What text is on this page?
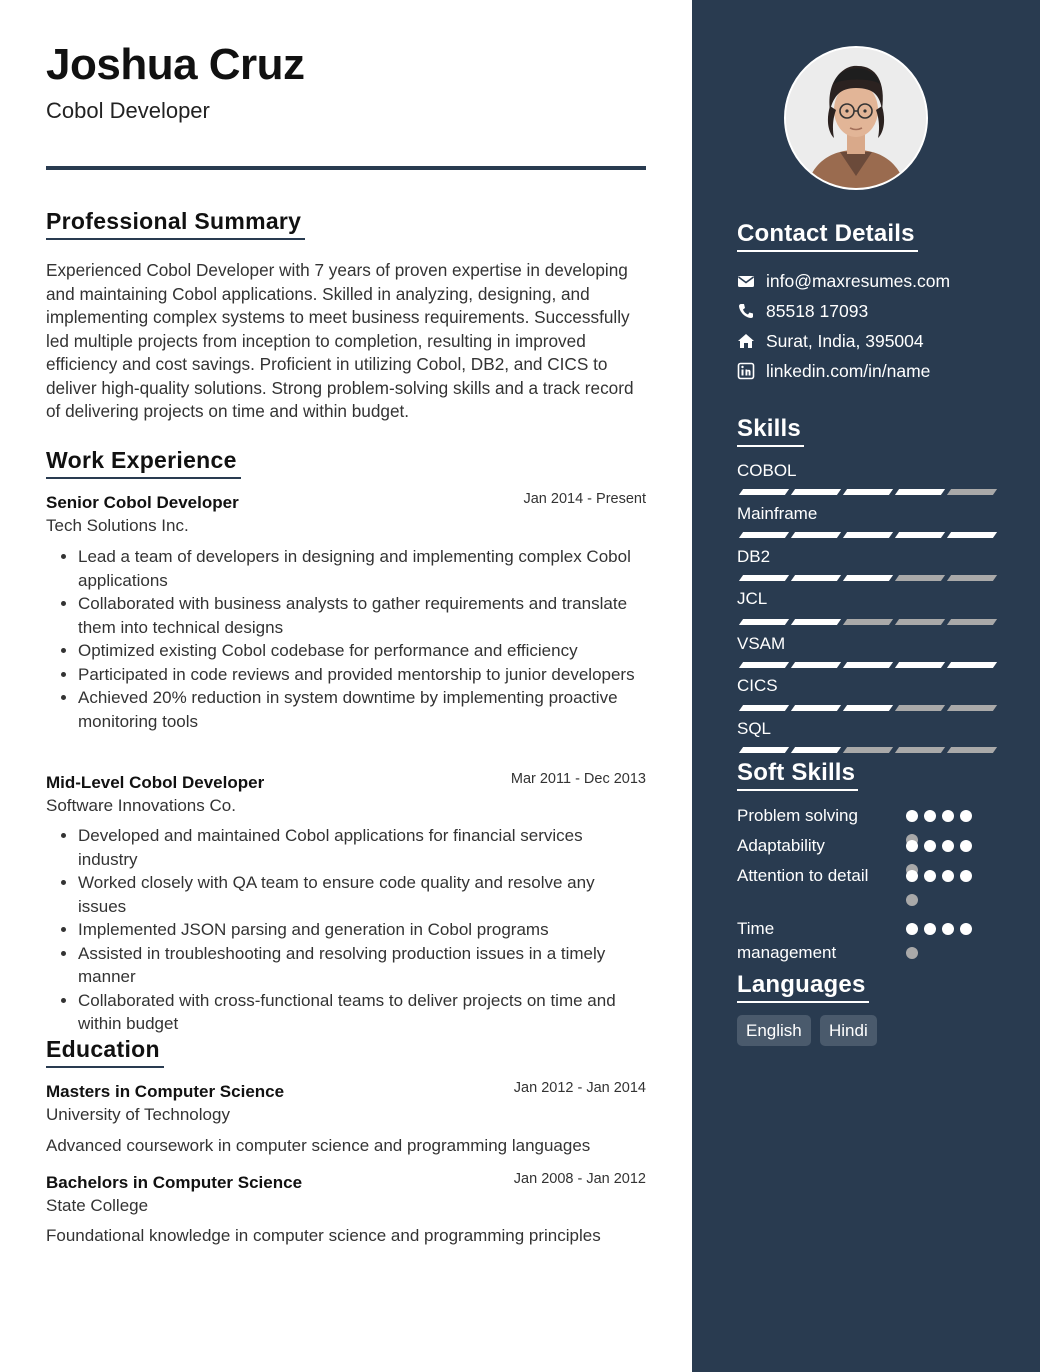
Joshua Cruz

Cobol Developer

Professional Summary

Experienced Cobol Developer with 7 years of proven expertise in developing and maintaining Cobol applications. Skilled in analyzing, designing, and implementing complex systems to meet business requirements. Successfully led multiple projects from inception to completion, resulting in improved efficiency and cost savings. Proficient in utilizing Cobol, DB2, and CICS to deliver high-quality solutions. Strong problem-solving skills and a track record of delivering projects on time and within budget.

Work Experience

Senior Cobol Developer	Jan 2014 - Present

Tech Solutions Inc.

• Lead a team of developers in designing and implementing complex Cobol applications
• Collaborated with business analysts to gather requirements and translate them into technical designs
• Optimized existing Cobol codebase for performance and efficiency
• Participated in code reviews and provided mentorship to junior developers
• Achieved 20% reduction in system downtime by implementing proactive monitoring tools

Mid-Level Cobol Developer	Mar 2011 - Dec 2013

Software Innovations Co.

• Developed and maintained Cobol applications for financial services industry
• Worked closely with QA team to ensure code quality and resolve any issues
• Implemented JSON parsing and generation in Cobol programs
• Assisted in troubleshooting and resolving production issues in a timely manner
• Collaborated with cross-functional teams to deliver projects on time and within budget
Education

Masters in Computer Science	Jan 2012 - Jan 2014

University of Technology

Advanced coursework in computer science and programming languages

Bachelors in Computer Science	Jan 2008 - Jan 2012

State College

Foundational knowledge in computer science and programming principles

Contact Details
info@maxresumes.com
85518 17093
Surat, India, 395004
linkedin.com/in/name
Skills

COBOL

Mainframe

DB2

JCL

VSAM

CICS

SQL

Soft Skills

Problem solving

Adaptability

Attention to detail

Time management

Languages
English	Hindi
